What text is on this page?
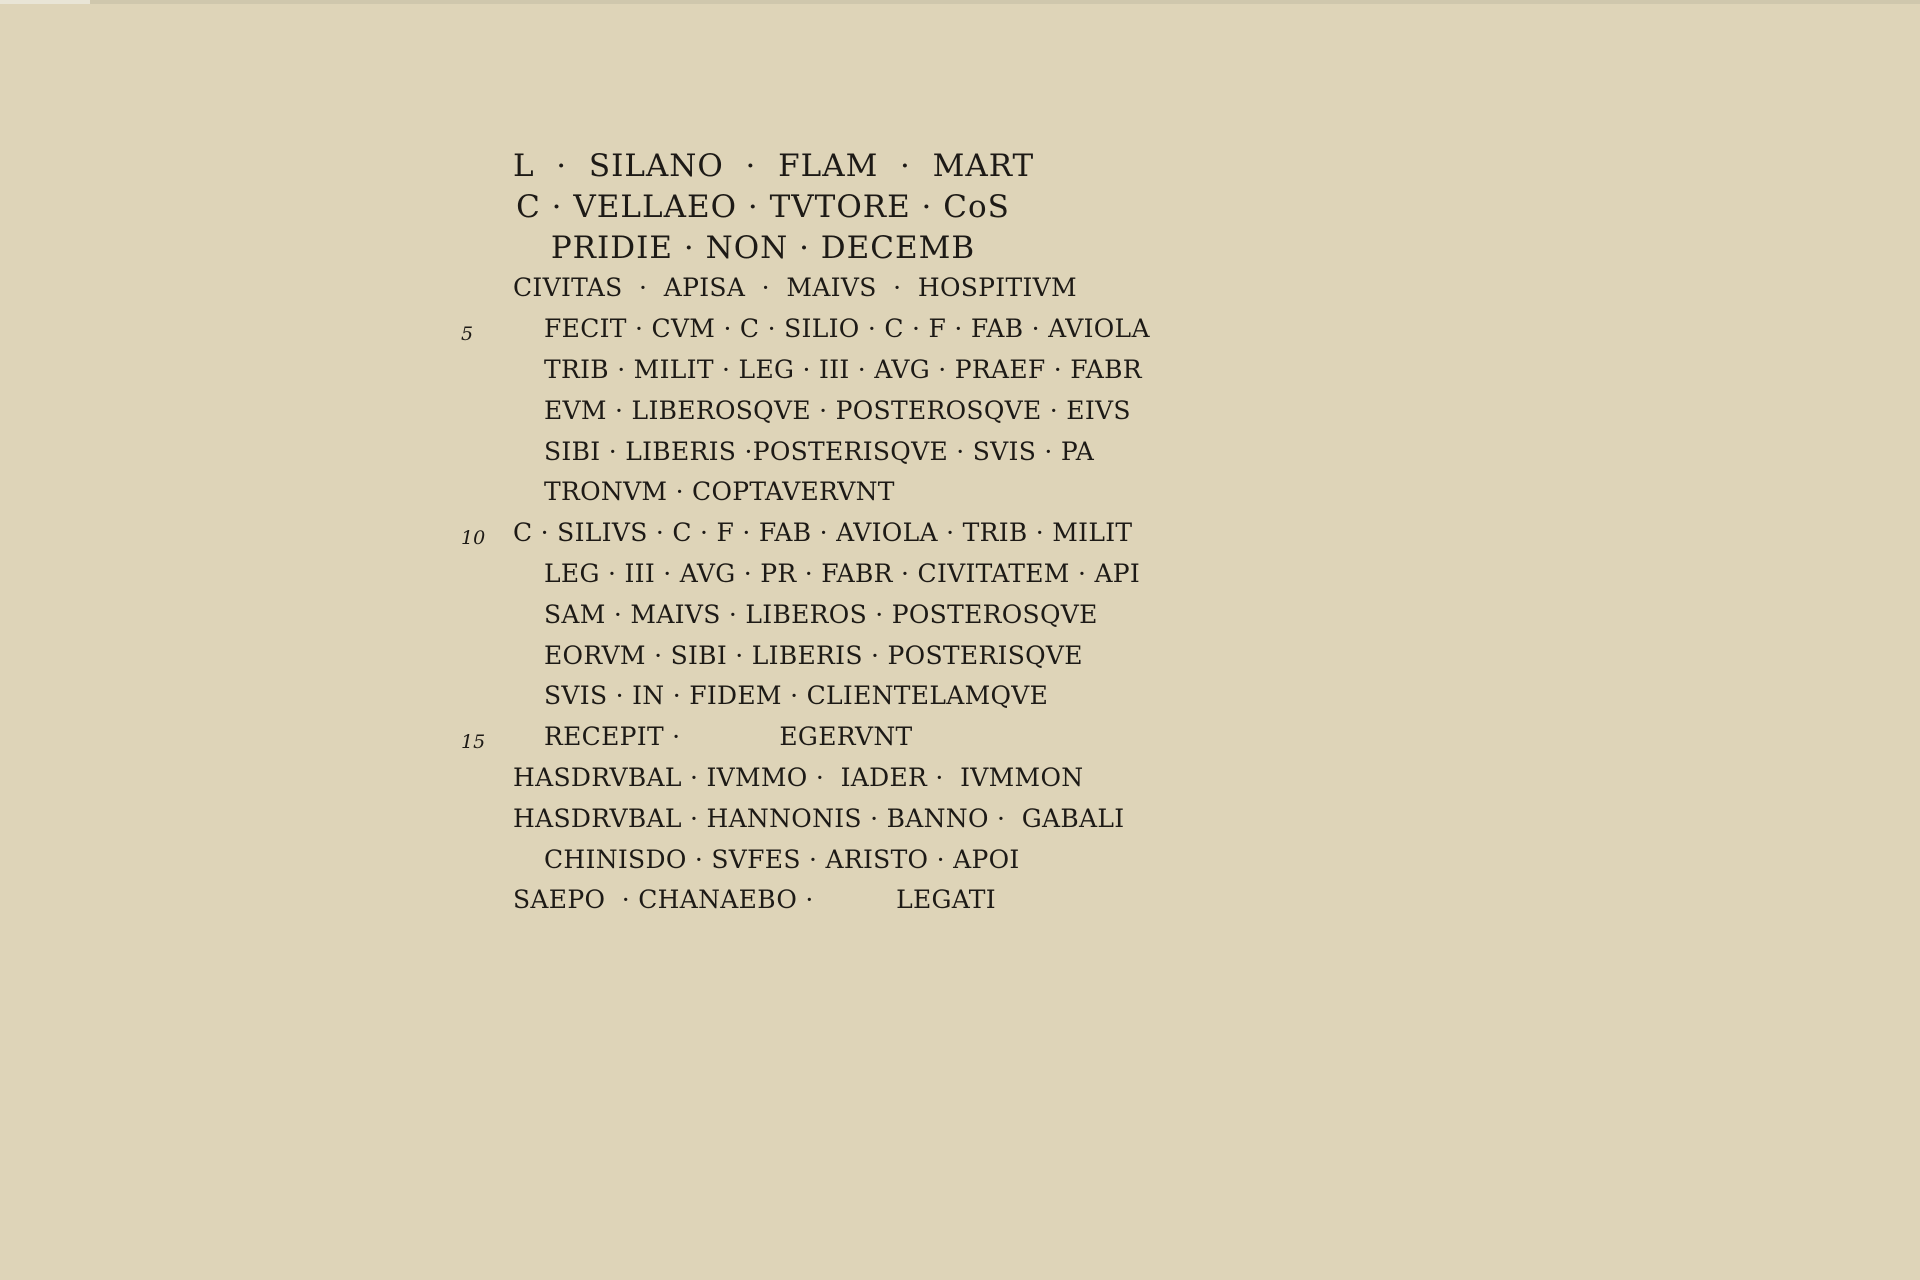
L  ·  SILANO  ·  FLAM  ·  MART
C · VELLAEO · TVTORE · CoS
PRIDIE · NON · DECEMB
CIVITAS  ·  APISA  ·  MAIVS  ·  HOSPITIVM
5	FECIT · CVM · C · SILIO · C · F · FAB · AVIOLA
TRIB · MILIT · LEG · III · AVG · PRAEF · FABR
EVM · LIBEROSQVE · POSTEROSQVE · EIVS
SIBI · LIBERIS ·POSTERISQVE · SVIS · PA
TRONVM · COPTAVERVNT
10 C · SILIVS · C · F · FAB · AVIOLA · TRIB · MILIT
LEG · III · AVG · PR · FABR · CIVITATEM · API
SAM · MAIVS · LIBEROS · POSTEROSQVE
EORVM · SIBI · LIBERIS · POSTERISQVE
SVIS · IN · FIDEM · CLIENTELAMQVE
15 RECEPIT ·            EGERVNT
HASDRVBAL · IVMMO ·  IADER ·  IVMMON
HASDRVBAL · HANNONIS · BANNO ·  GABALI
CHINISDO · SVFES · ARISTO · APOI
SAEPO  · CHANAEBO ·          LEGATI
